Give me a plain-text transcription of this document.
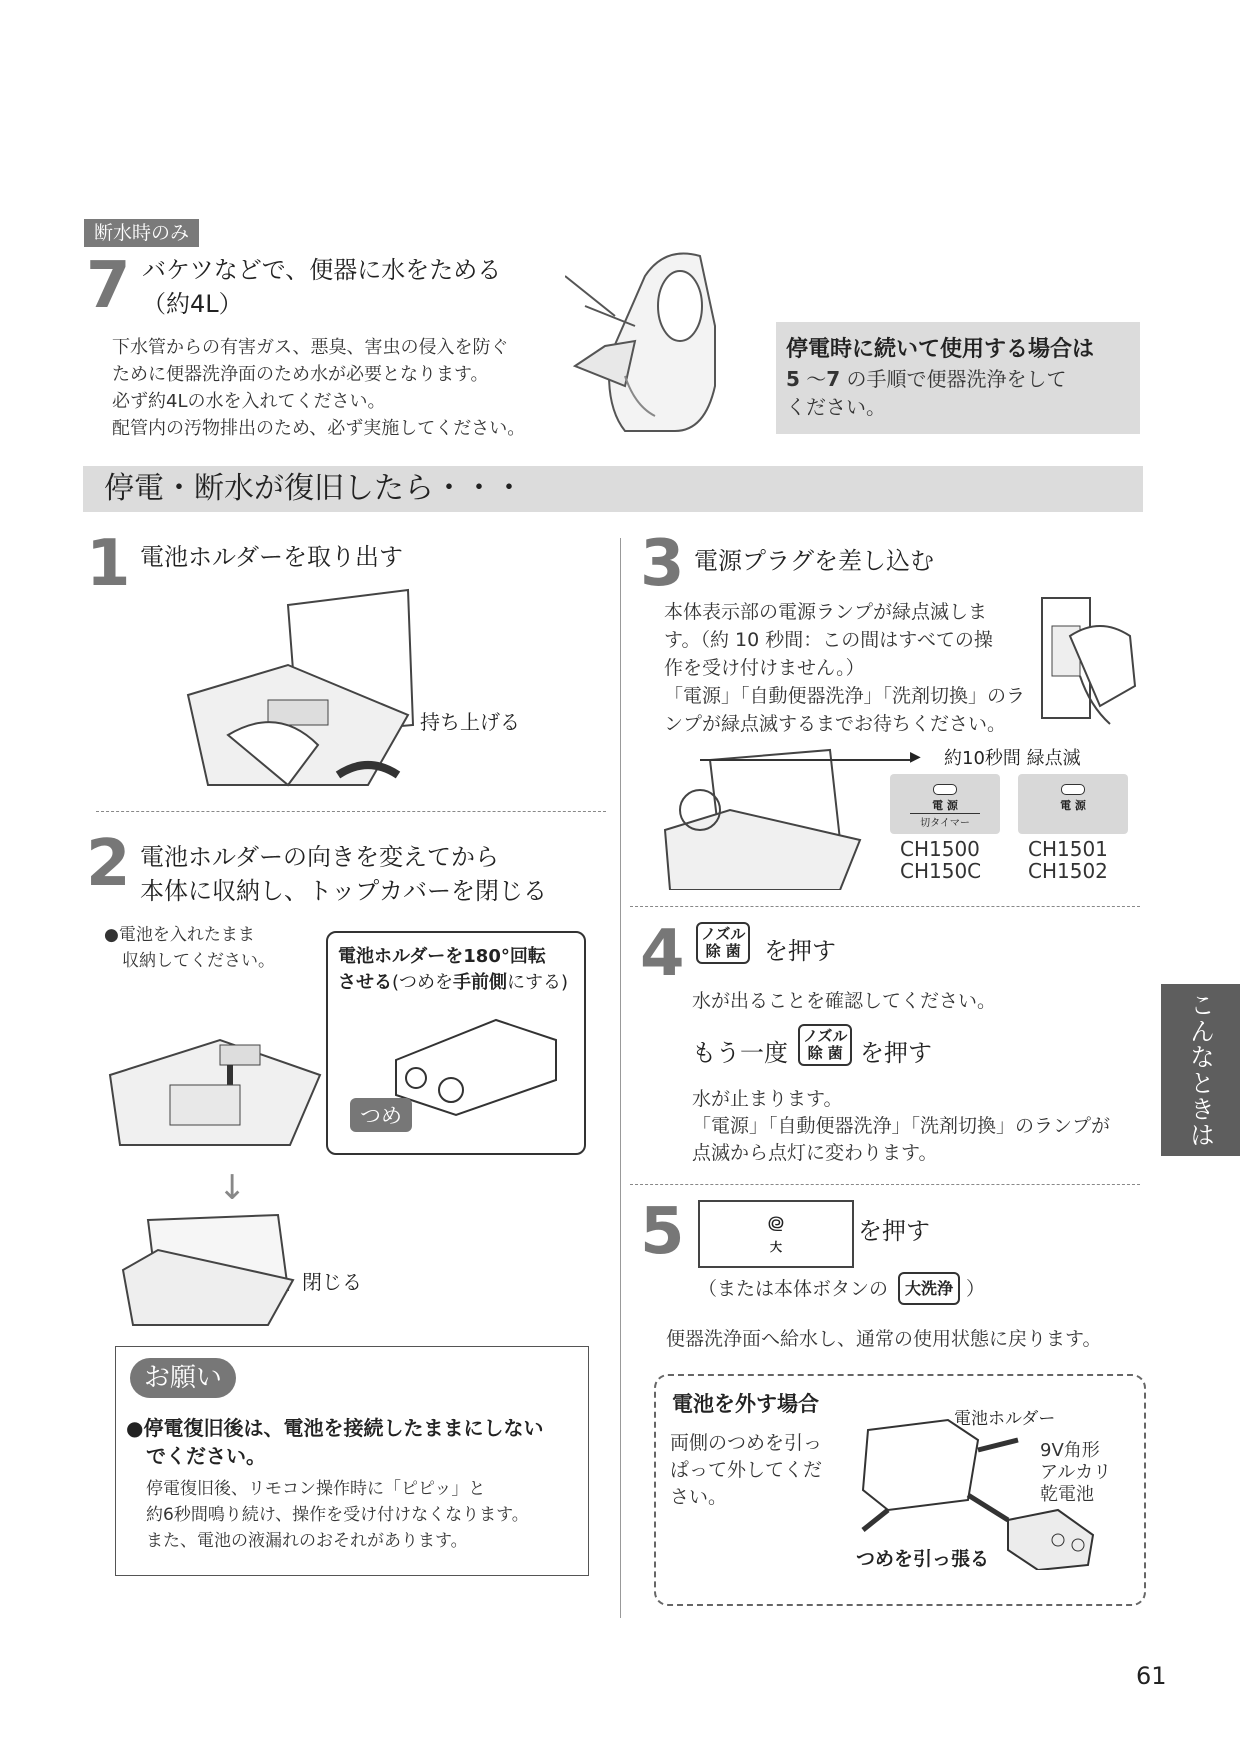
断水時のみ
7 バケツなどで、便器に水をためる
（約4L）
下水管からの有害ガス、悪臭、害虫の侵入を防ぐ
ために便器洗浄面のため水が必要となります。
必ず約4Lの水を入れてください。
配管内の汚物排出のため、必ず実施してください。
停電時に続いて使用する場合は
5 ～7 の手順で便器洗浄をして
ください。
停電・断水が復旧したら・・・
1 電池ホルダーを取り出す
持ち上げる
2 電池ホルダーの向きを変えてから
本体に収納し、トップカバーを閉じる
●電池を入れたまま
収納してください。	電池ホルダーを180°回転
させる(つめを手前側にする)
つめ
↓
閉じる
お願い
●停電復旧後は、電池を接続したままにしない
でください。
停電復旧後、リモコン操作時に「ピピッ」と
約6秒間鳴り続け、操作を受け付けなくなります。
また、電池の液漏れのおそれがあります。
3 電源プラグを差し込む
本体表示部の電源ランプが緑点滅しま
す。（約 10 秒間：この間はすべての操
作を受け付けません。）
「電源」「自動便器洗浄」「洗剤切換」のラ
ンプが緑点滅するまでお待ちください。
▶ 約10秒間 緑点滅
電 源
切タイマー
電 源
CH1500
CH150C
CH1501
CH1502
4 ノズル
除 菌 を押す
水が出ることを確認してください。
もう一度
ノズル
除 菌 を押す
水が止まります。
「電源」「自動便器洗浄」「洗剤切換」のランプが
点滅から点灯に変わります。
5	᪤
大
を押す
（または本体ボタンの	大洗浄 ）
便器洗浄面へ給水し、通常の使用状態に戻ります。
電池を外す場合
両側のつめを引っ
ぱって外してくだ
さい。
電池ホルダー
9V角形
アルカリ
乾電池
つめを引っ張る
こんなときは
61
